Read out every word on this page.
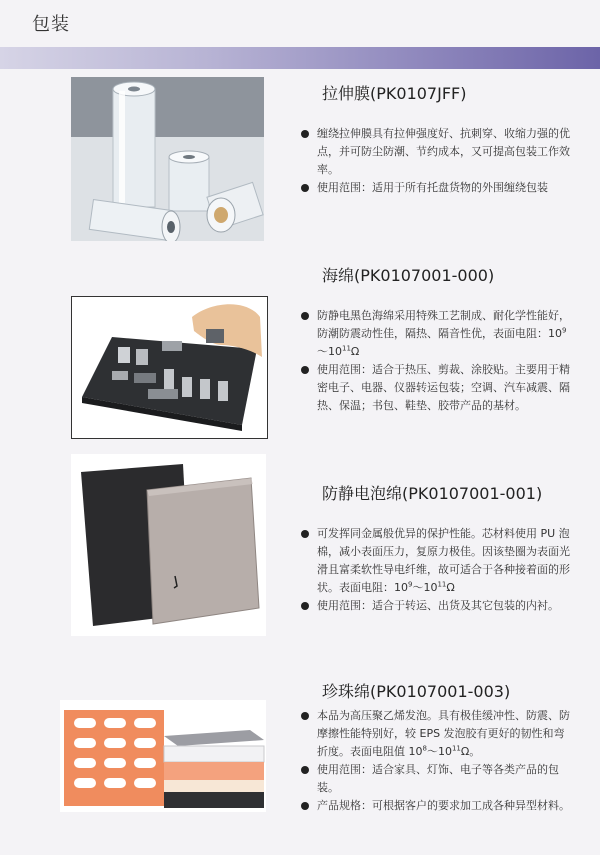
包装
拉伸膜(PK0107JFF)
缠绕拉伸膜具有拉伸强度好、抗刺穿、收缩力强的优点，并可防尘防潮、节约成本，又可提高包装工作效率。
使用范围：适用于所有托盘货物的外围缠绕包装
海绵(PK0107001-000)
防静电黑色海绵采用特殊工艺制成、耐化学性能好，防潮防震动性佳，隔热、隔音性优，表面电阻：$10^9\sim 10^{11}\Omega$
使用范围：适合于热压、剪裁、涂胶贴。主要用于精密电子、电器、仪器转运包装；空调、汽车减震、隔热、保温；书包、鞋垫、胶带产品的基材。
防静电泡绵(PK0107001-001)
可发挥同金属般优异的保护性能。芯材料使用 PU 泡棉，减小表面压力，复原力极佳。因该垫圈为表面光滑且富柔软性导电纤维，故可适合于各种接着面的形状。表面电阻：$10^9\sim 10^{11}\Omega$
使用范围：适合于转运、出货及其它包装的内衬。
珍珠绵(PK0107001-003)
本品为高压聚乙烯发泡。具有极佳缓冲性、防震、防摩擦性能特别好，较 EPS 发泡胶有更好的韧性和弯折度。表面电阻值 $10^8\sim 10^{11}\Omega$。
使用范围：适合家具、灯饰、电子等各类产品的包装。
产品规格：可根据客户的要求加工成各种异型材料。
